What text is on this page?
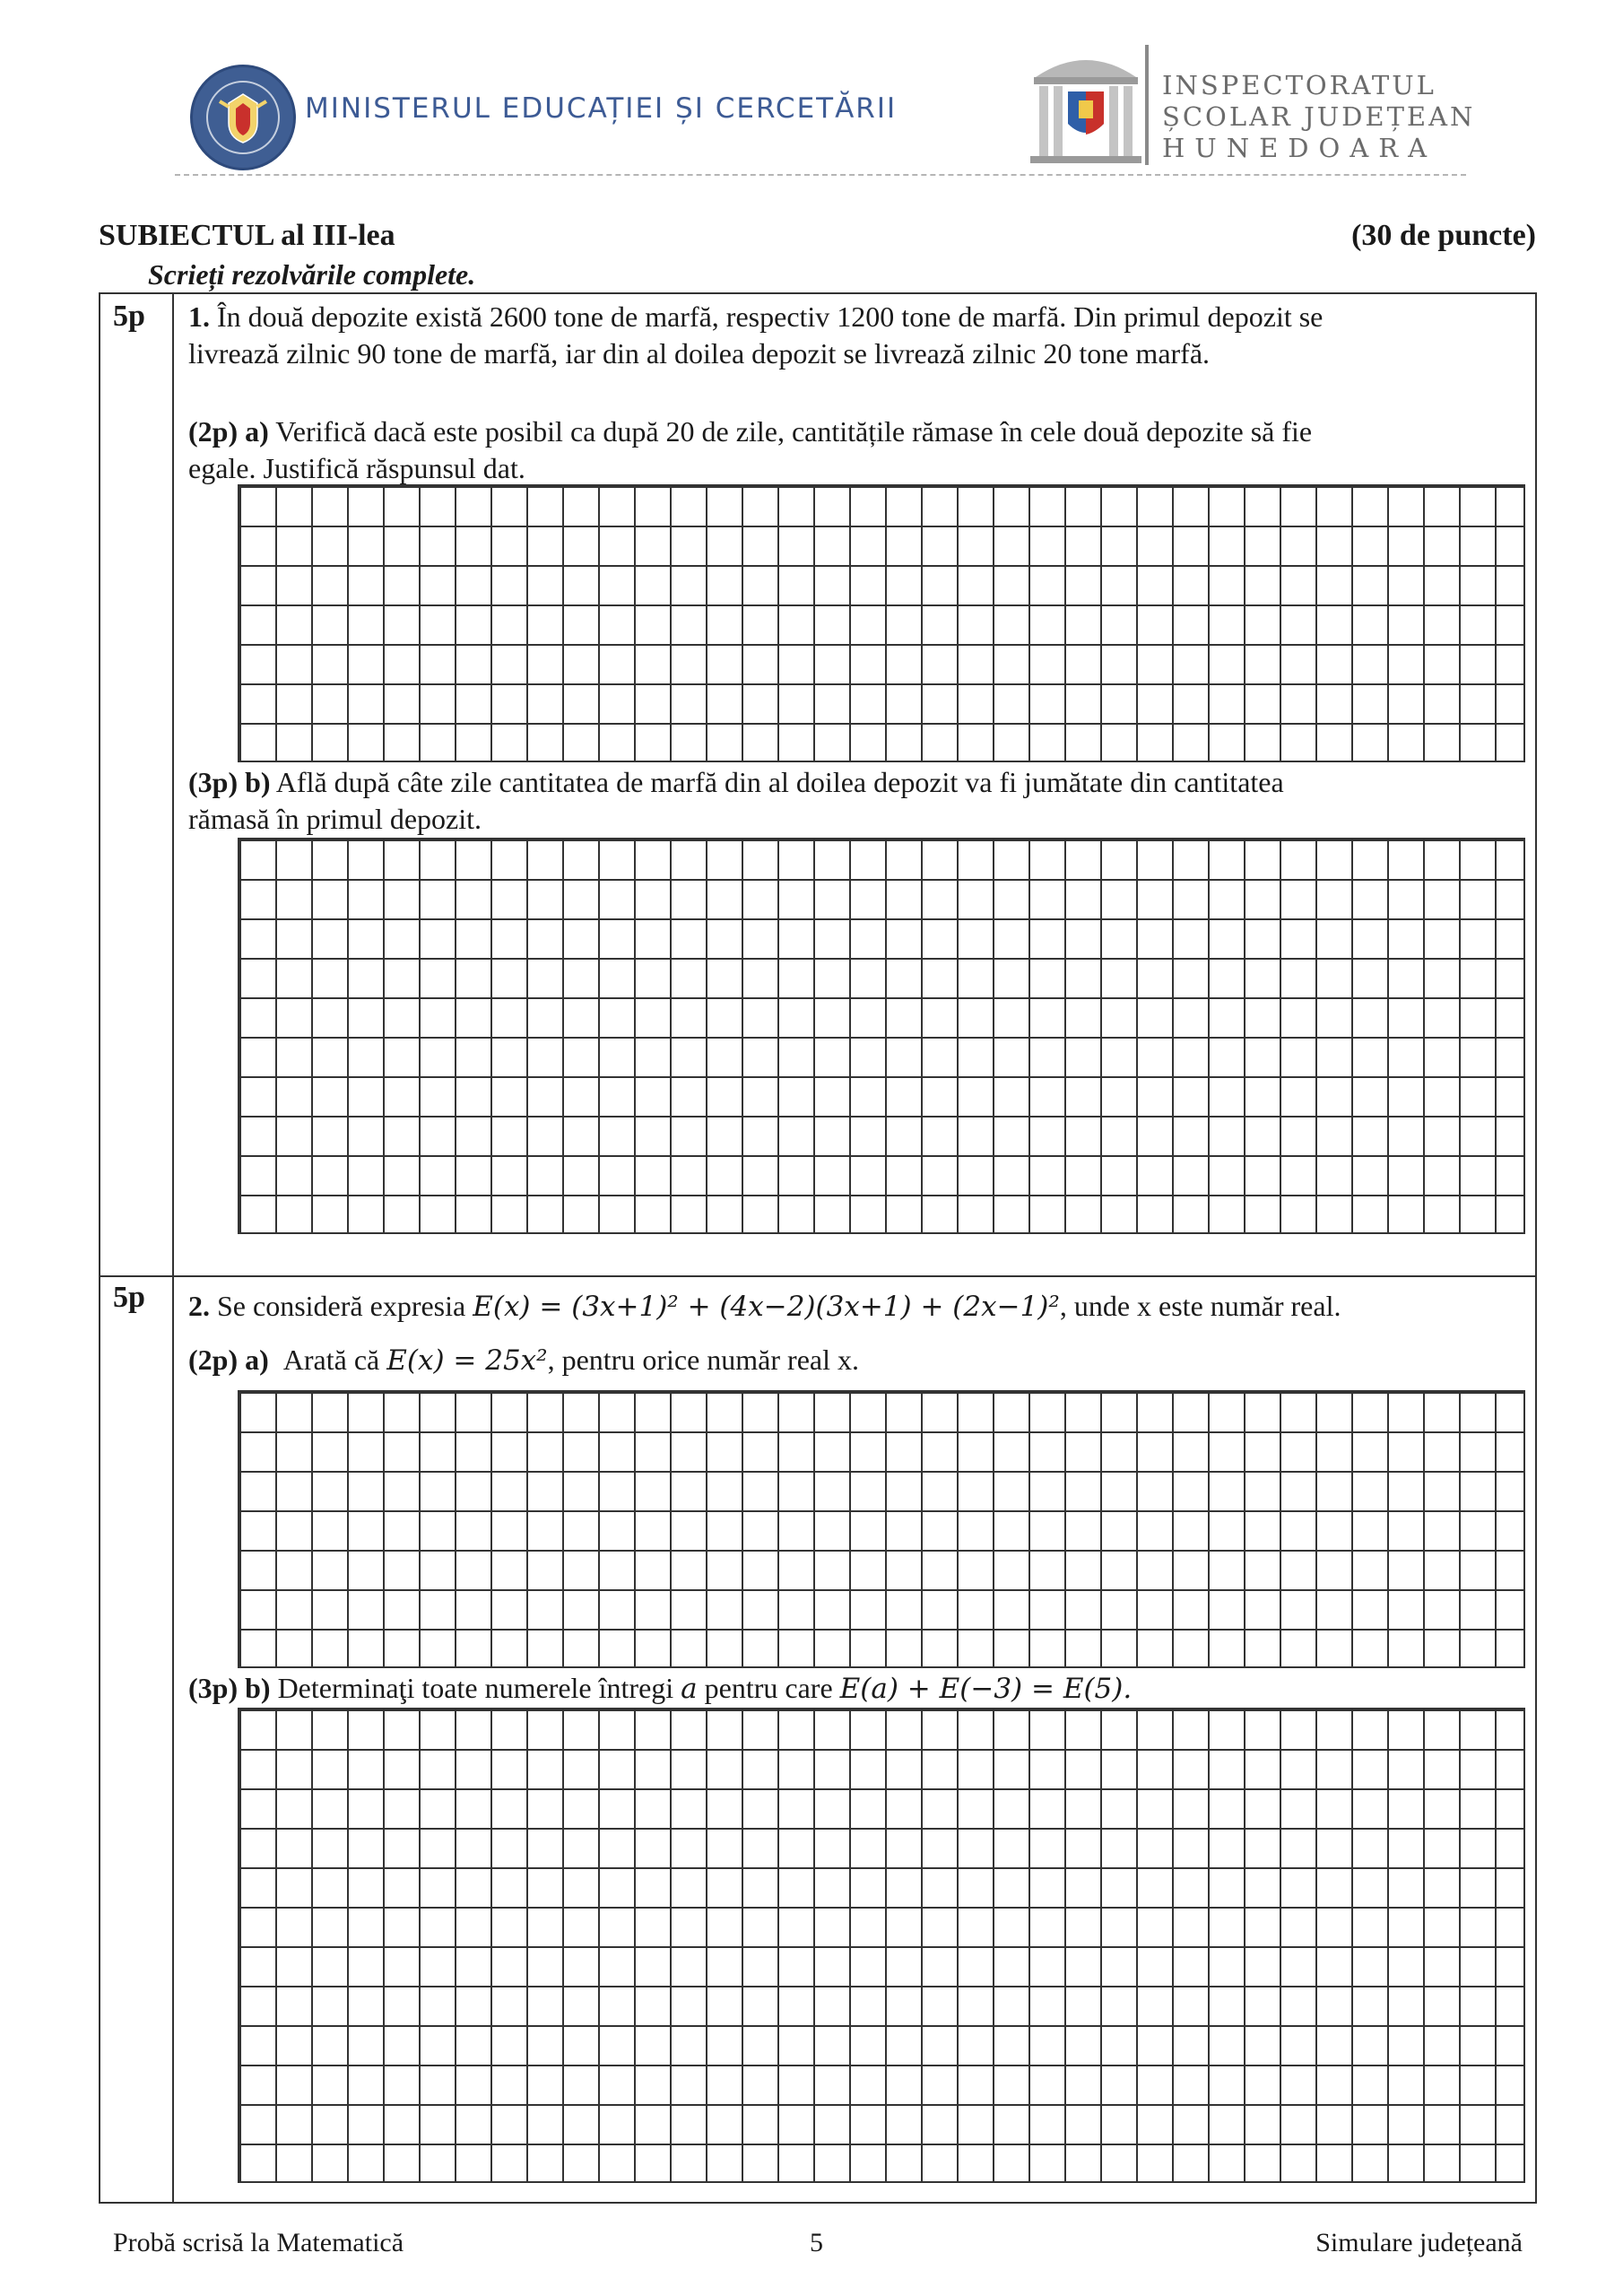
MINISTERUL EDUCAȚIEI ȘI CERCETĂRII
INSPECTORATUL
ȘCOLAR JUDEȚEAN
HUNEDOARA
SUBIECTUL al III-lea	(30 de puncte)
Scrieți rezolvările complete.
5p 1. În două depozite există 2600 tone de marfă, respectiv 1200 tone de marfă. Din primul depozit se
livrează zilnic 90 tone de marfă, iar din al doilea depozit se livrează zilnic 20 tone marfă.
(2p) a) Verifică dacă este posibil ca după 20 de zile, cantitățile rămase în cele două depozite să fie
egale. Justifică răspunsul dat.
(3p) b) Află după câte zile cantitatea de marfă din al doilea depozit va fi jumătate din cantitatea
rămasă în primul depozit.
5p 2. Se consideră expresia E(x) = (3x+1)² + (4x−2)(3x+1) + (2x−1)², unde x este număr real.
(2p) a) Arată că E(x) = 25x², pentru orice număr real x.
(3p) b) Determinaţi toate numerele întregi a pentru care E(a) + E(−3) = E(5).
Probă scrisă la Matematică	5	Simulare județeană
